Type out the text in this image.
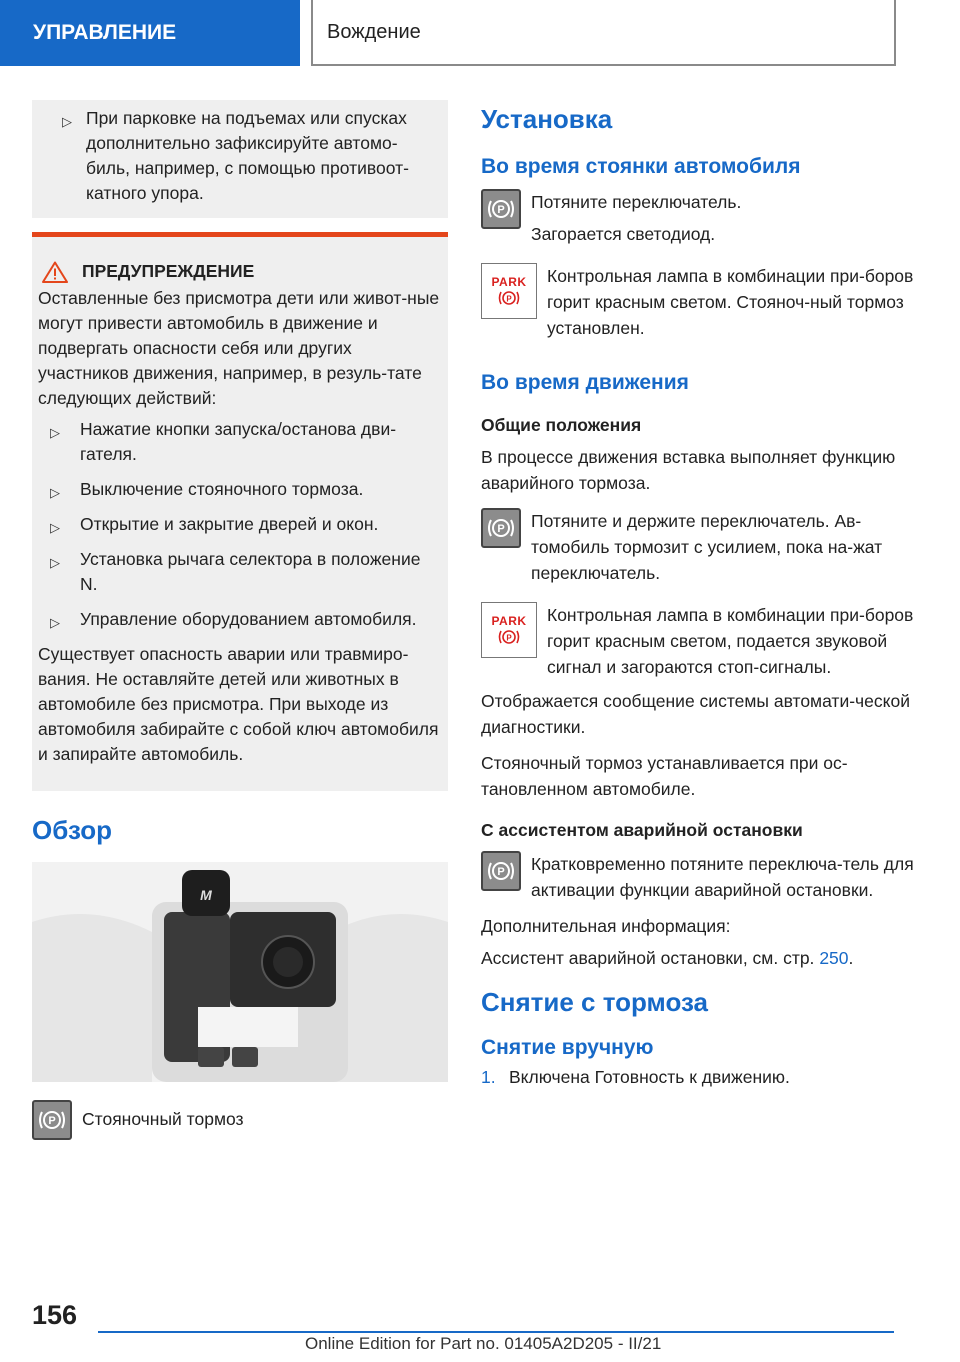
УПРАВЛЕНИЕ	Вождение
▷ При парковке на подъемах или спусках дополнительно зафиксируйте автомо-биль, например, с помощью противоот-катного упора.
ПРЕДУПРЕЖДЕНИЕ

Оставленные без присмотра дети или живот-ные могут привести автомобиль в движение и подвергать опасности себя или других участников движения, например, в резуль-тате следующих действий:

▷ Нажатие кнопки запуска/останова дви-гателя.
▷ Выключение стояночного тормоза.
▷ Открытие и закрытие дверей и окон.
▷ Установка рычага селектора в положение N.
▷ Управление оборудованием автомобиля.

Существует опасность аварии или травмиро-вания. Не оставляйте детей или животных в автомобиле без присмотра. При выходе из автомобиля забирайте с собой ключ автомобиля и запирайте автомобиль.

Обзор
M
P Стояночный тормоз
Установка
Во время стоянки автомобиля
P Потяните переключатель.
Загорается светодиод.
PARK
P
Контрольная лампа в комбинации при-боров горит красным светом. Стояноч-ный тормоз установлен.
Во время движения
Общие положения
В процессе движения вставка выполняет функцию аварийного тормоза.
P Потяните и держите переключатель. Ав-томобиль тормозит с усилием, пока на-жат переключатель.
PARK
P
Контрольная лампа в комбинации при-боров горит красным светом, подается звуковой сигнал и загораются стоп-сигналы.
Отображается сообщение системы автомати-ческой диагностики.
Стояночный тормоз устанавливается при ос-тановленном автомобиле.
С ассистентом аварийной остановки
P Кратковременно потяните переключа-тель для активации функции аварийной остановки.
Дополнительная информация:
Ассистент аварийной остановки, см. стр. 250.
Снятие с тормоза
Снятие вручную
1. Включена Готовность к движению.
156
Online Edition for Part no. 01405A2D205 - II/21
